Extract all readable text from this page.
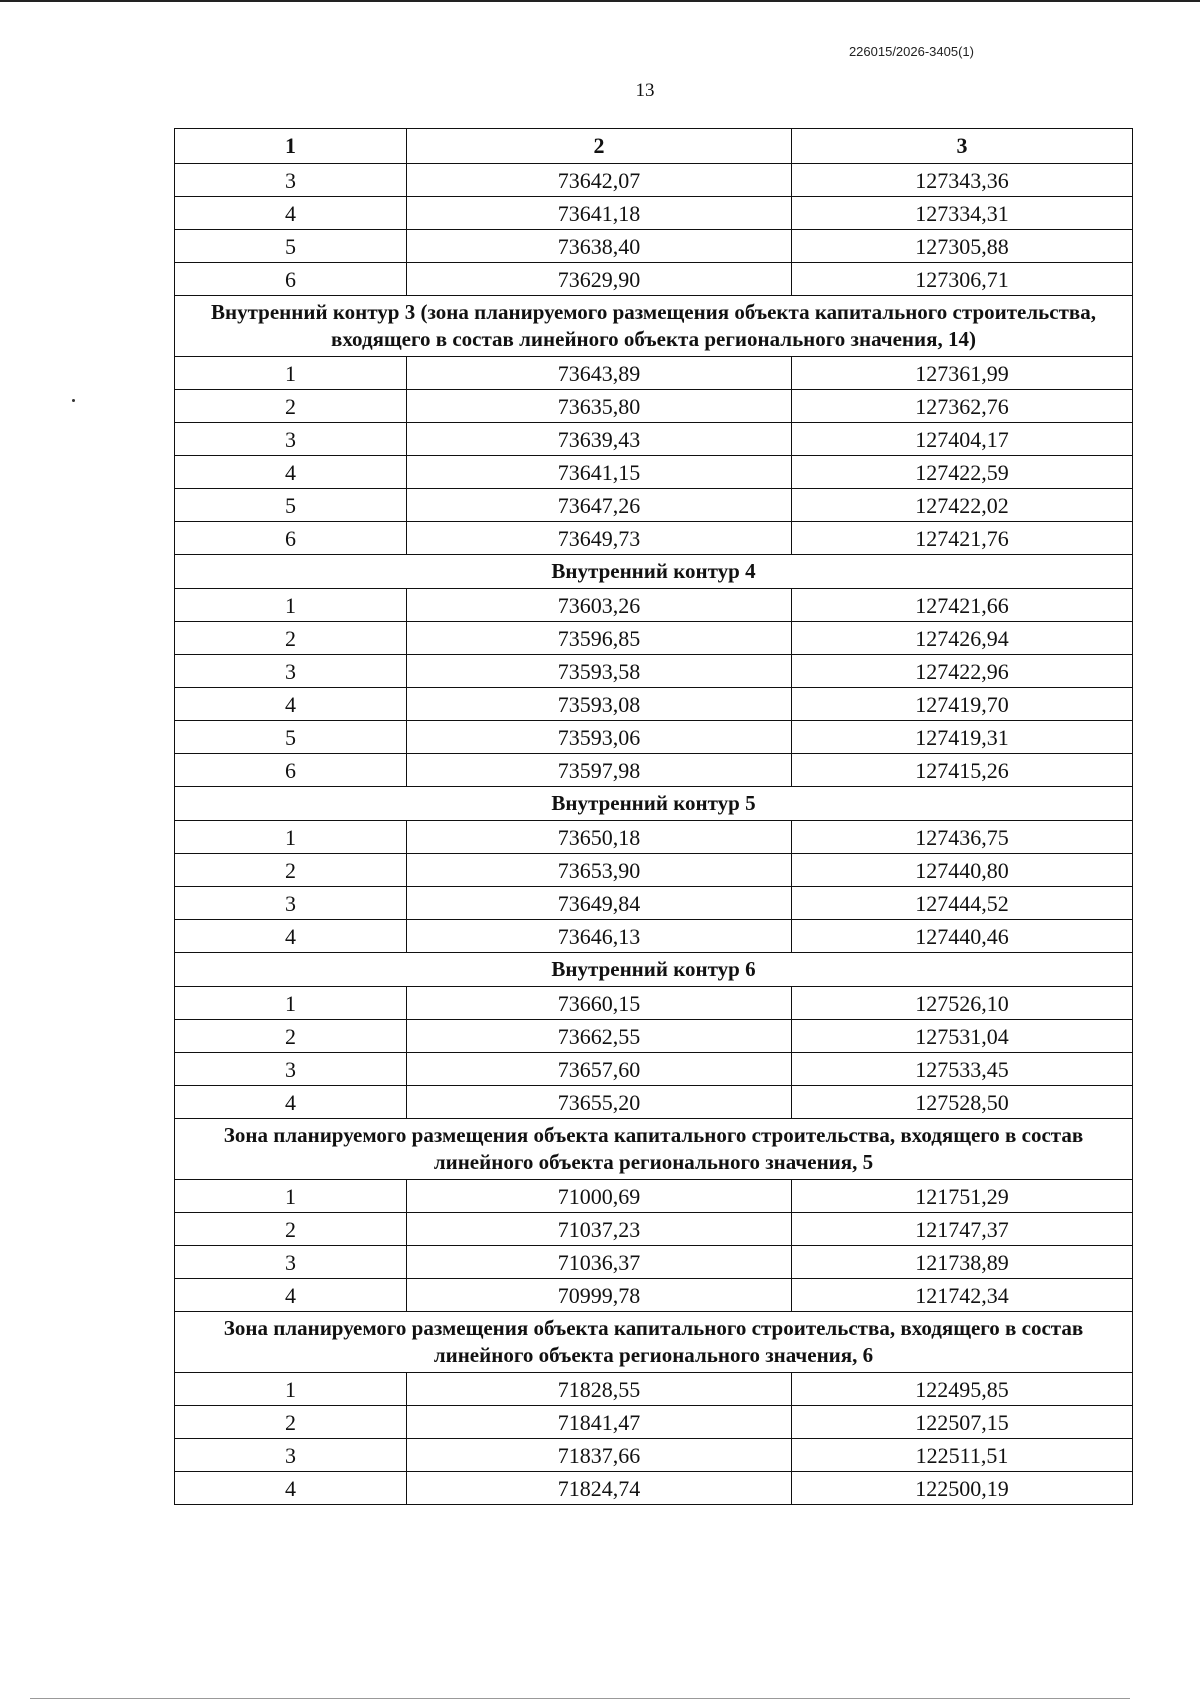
226015/2026-3405(1)
13
1	2	3
3	73642,07	127343,36
4	73641,18	127334,31
5	73638,40	127305,88
6	73629,90	127306,71
Внутренний контур 3 (зона планируемого размещения объекта капитального строительства, входящего в состав линейного объекта регионального значения, 14)		
1	73643,89	127361,99
2	73635,80	127362,76
3	73639,43	127404,17
4	73641,15	127422,59
5	73647,26	127422,02
6	73649,73	127421,76
Внутренний контур 4		
1	73603,26	127421,66
2	73596,85	127426,94
3	73593,58	127422,96
4	73593,08	127419,70
5	73593,06	127419,31
6	73597,98	127415,26
Внутренний контур 5		
1	73650,18	127436,75
2	73653,90	127440,80
3	73649,84	127444,52
4	73646,13	127440,46
Внутренний контур 6		
1	73660,15	127526,10
2	73662,55	127531,04
3	73657,60	127533,45
4	73655,20	127528,50
Зона планируемого размещения объекта капитального строительства, входящего в состав линейного объекта регионального значения, 5		
1	71000,69	121751,29
2	71037,23	121747,37
3	71036,37	121738,89
4	70999,78	121742,34
Зона планируемого размещения объекта капитального строительства, входящего в состав линейного объекта регионального значения, 6		
1	71828,55	122495,85
2	71841,47	122507,15
3	71837,66	122511,51
4	71824,74	122500,19
